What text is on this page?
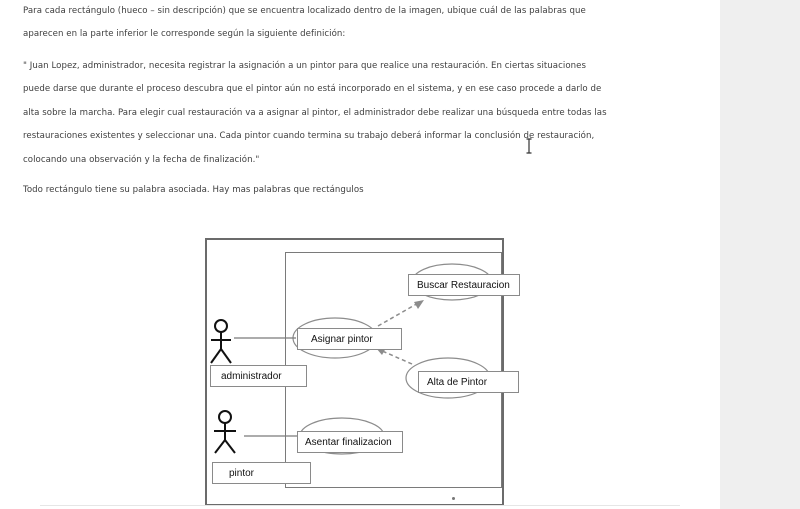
Para cada rectángulo (hueco – sin descripción) que se encuentra localizado dentro de la imagen, ubique cuál de las palabras que
aparecen en la parte inferior le corresponde según la siguiente definición:

" Juan Lopez, administrador, necesita registrar la asignación a un pintor para que realice una restauración. En ciertas situaciones
puede darse que durante el proceso descubra que el pintor aún no está incorporado en el sistema, y en ese caso procede a darlo de
alta sobre la marcha. Para elegir cual restauración va a asignar al pintor, el administrador debe realizar una búsqueda entre todas las
restauraciones existentes y seleccionar una. Cada pintor cuando termina su trabajo deberá informar la conclusión de restauración,
colocando una observación y la fecha de finalización."

Todo rectángulo tiene su palabra asociada. Hay mas palabras que rectángulos

Buscar Restauracion
Asignar pintor
Alta de Pintor
Asentar finalizacion
administrador
pintor
